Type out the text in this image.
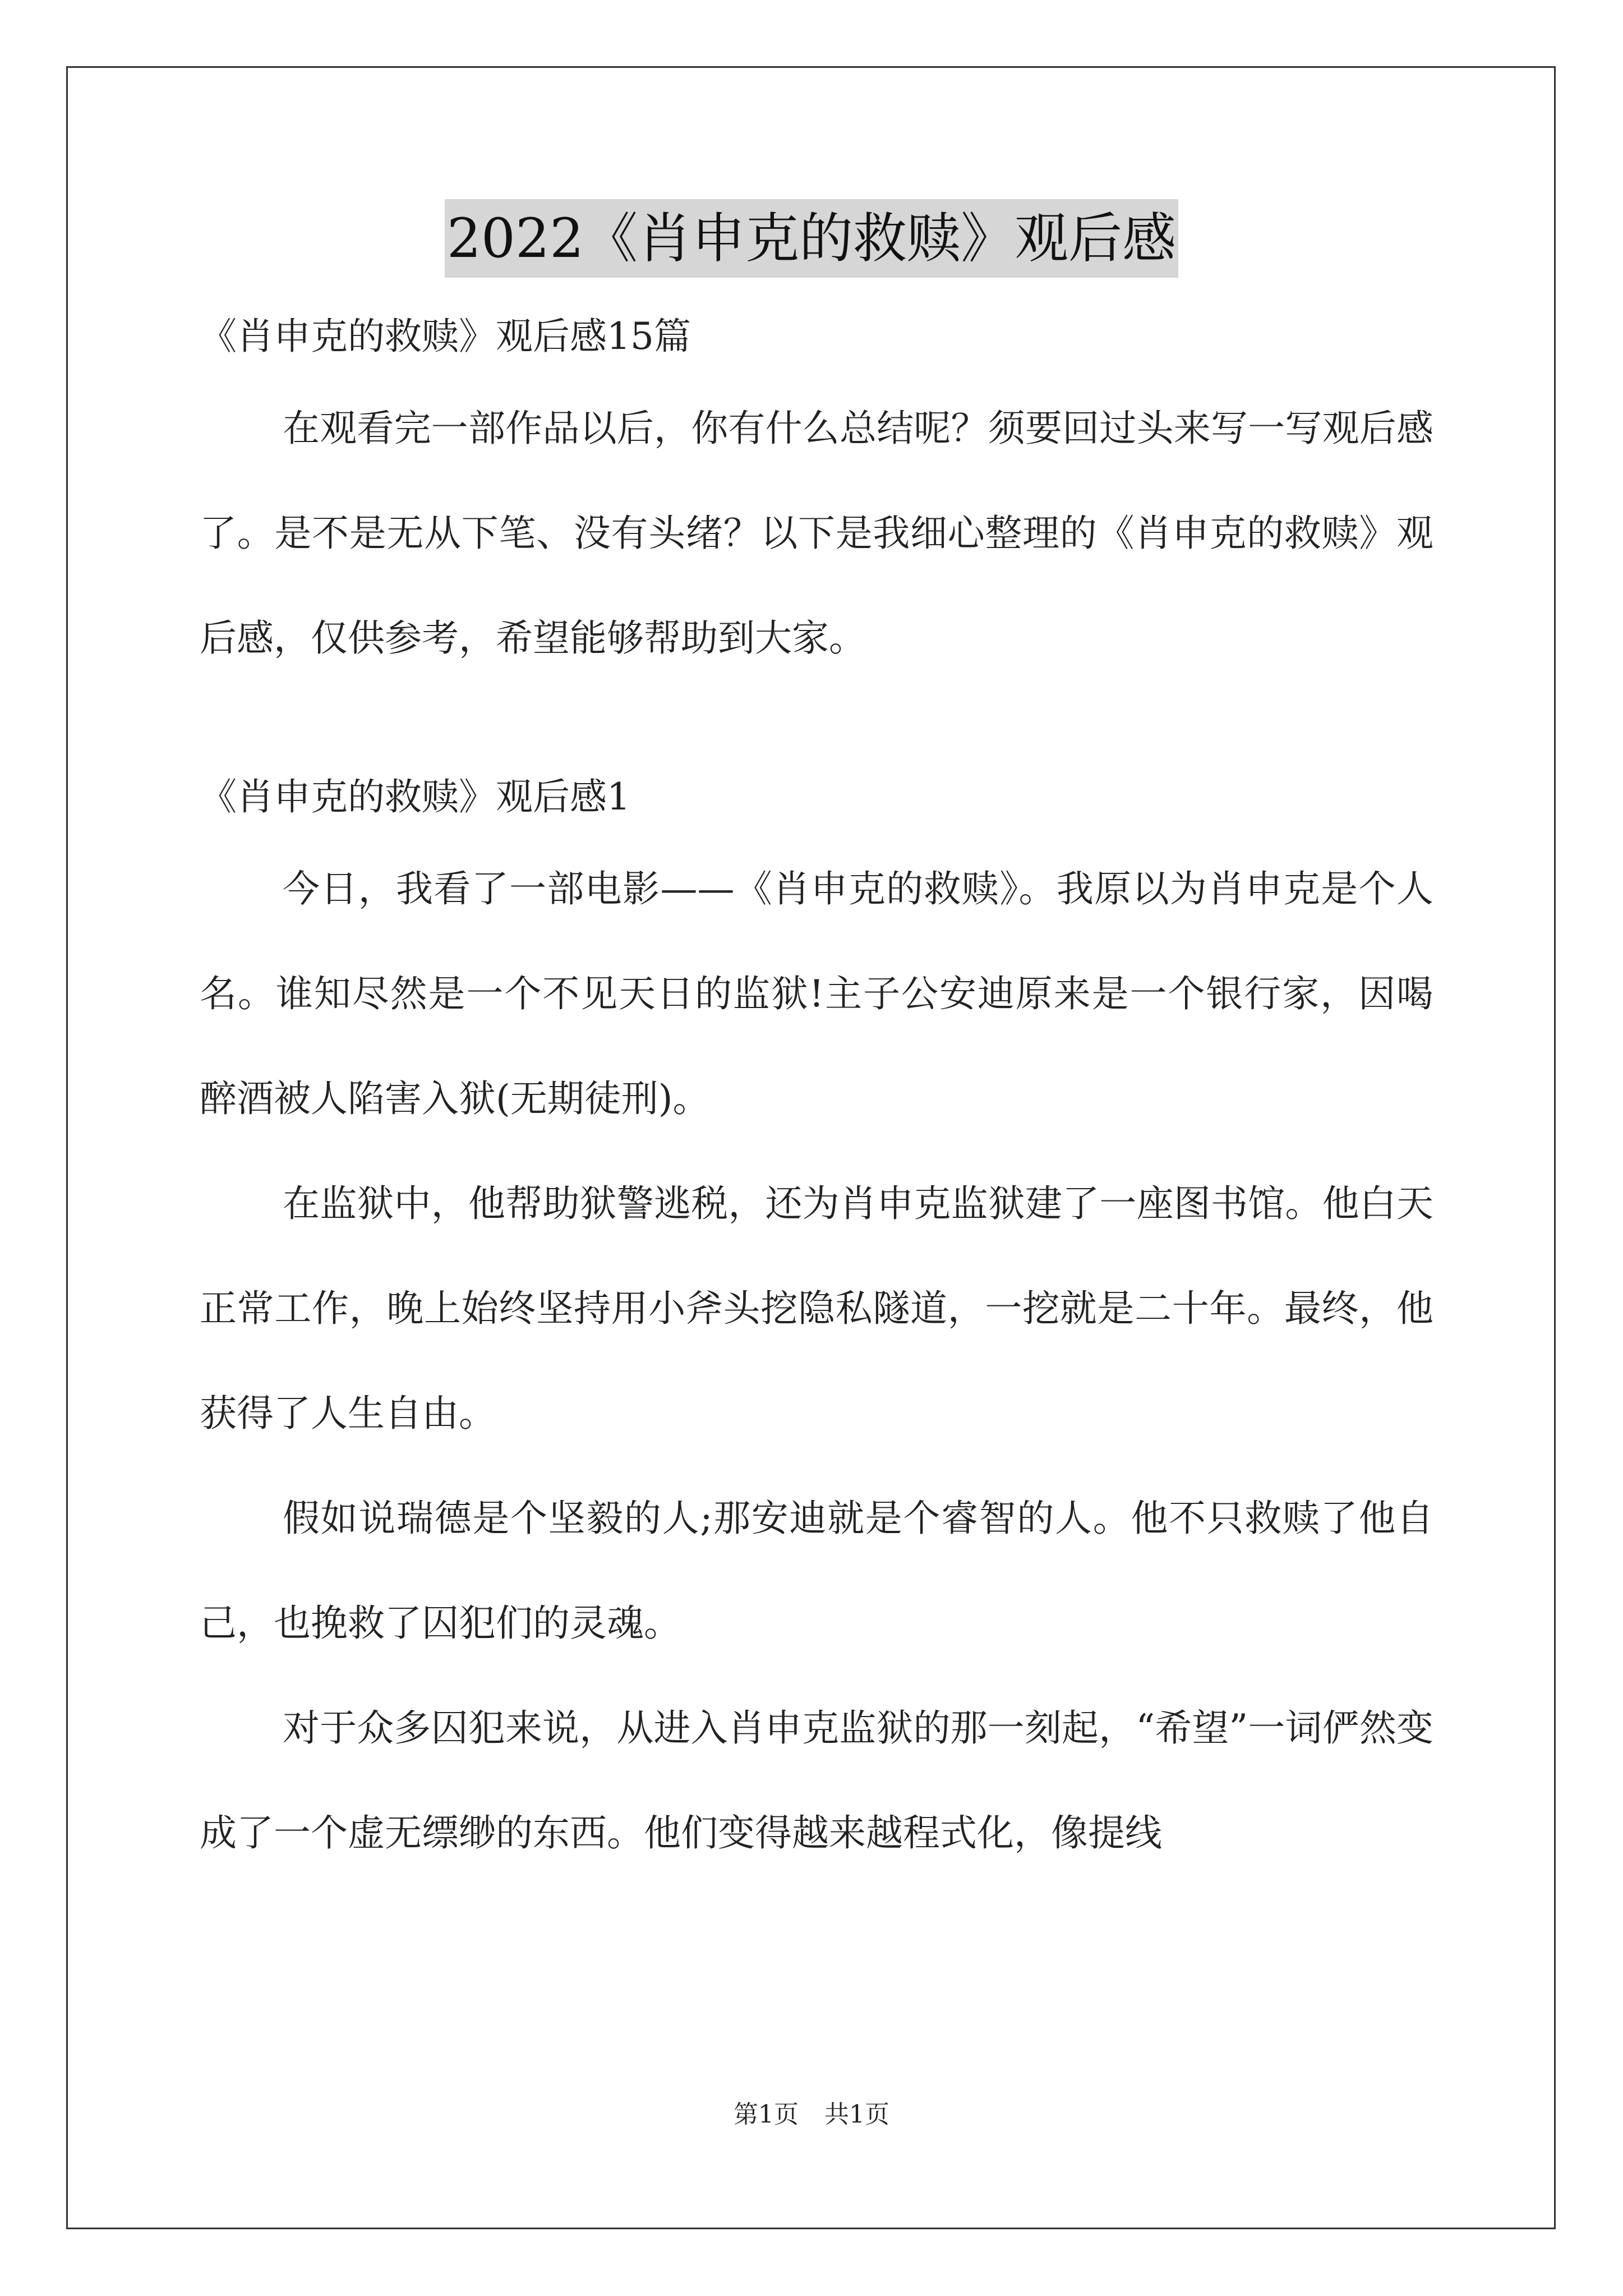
2022《肖申克的救赎》观后感

《肖申克的救赎》观后感15篇

在观看完一部作品以后，你有什么总结呢？须要回过头来写一写观后感了。是不是无从下笔、没有头绪？以下是我细心整理的《肖申克的救赎》观后感，仅供参考，希望能够帮助到大家。

《肖申克的救赎》观后感1

今日，我看了一部电影——《肖申克的救赎》。我原以为肖申克是个人名。谁知尽然是一个不见天日的监狱!主子公安迪原来是一个银行家，因喝醉酒被人陷害入狱(无期徒刑)。

在监狱中，他帮助狱警逃税，还为肖申克监狱建了一座图书馆。他白天正常工作，晚上始终坚持用小斧头挖隐私隧道，一挖就是二十年。最终，他获得了人生自由。

假如说瑞德是个坚毅的人;那安迪就是个睿智的人。他不只救赎了他自己，也挽救了囚犯们的灵魂。

对于众多囚犯来说，从进入肖申克监狱的那一刻起，“希望”一词俨然变成了一个虚无缥缈的东西。他们变得越来越程式化，像提线

第1页 共1页
